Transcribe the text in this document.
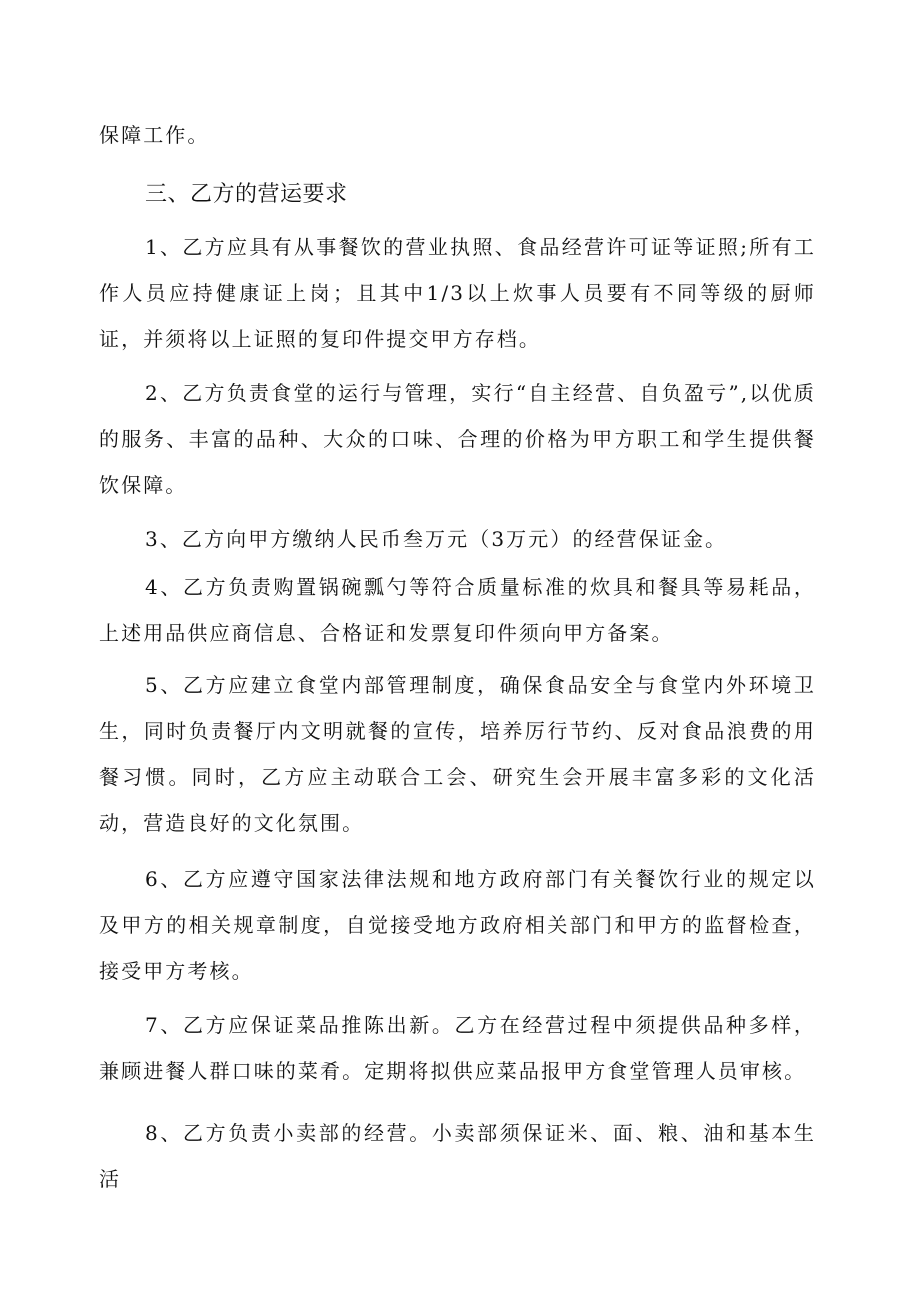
保障工作。

三、乙方的营运要求

1、乙方应具有从事餐饮的营业执照、食品经营许可证等证照;所有工作人员应持健康证上岗；且其中1/3以上炊事人员要有不同等级的厨师证，并须将以上证照的复印件提交甲方存档。

2、乙方负责食堂的运行与管理，实行“自主经营、自负盈亏”,以优质的服务、丰富的品种、大众的口味、合理的价格为甲方职工和学生提供餐饮保障。

3、乙方向甲方缴纳人民币叁万元（3万元）的经营保证金。

4、乙方负责购置锅碗瓢勺等符合质量标准的炊具和餐具等易耗品，上述用品供应商信息、合格证和发票复印件须向甲方备案。

5、乙方应建立食堂内部管理制度，确保食品安全与食堂内外环境卫生，同时负责餐厅内文明就餐的宣传，培养厉行节约、反对食品浪费的用餐习惯。同时，乙方应主动联合工会、研究生会开展丰富多彩的文化活动，营造良好的文化氛围。

6、乙方应遵守国家法律法规和地方政府部门有关餐饮行业的规定以及甲方的相关规章制度，自觉接受地方政府相关部门和甲方的监督检查，接受甲方考核。

7、乙方应保证菜品推陈出新。乙方在经营过程中须提供品种多样，兼顾进餐人群口味的菜肴。定期将拟供应菜品报甲方食堂管理人员审核。

8、乙方负责小卖部的经营。小卖部须保证米、面、粮、油和基本生活
